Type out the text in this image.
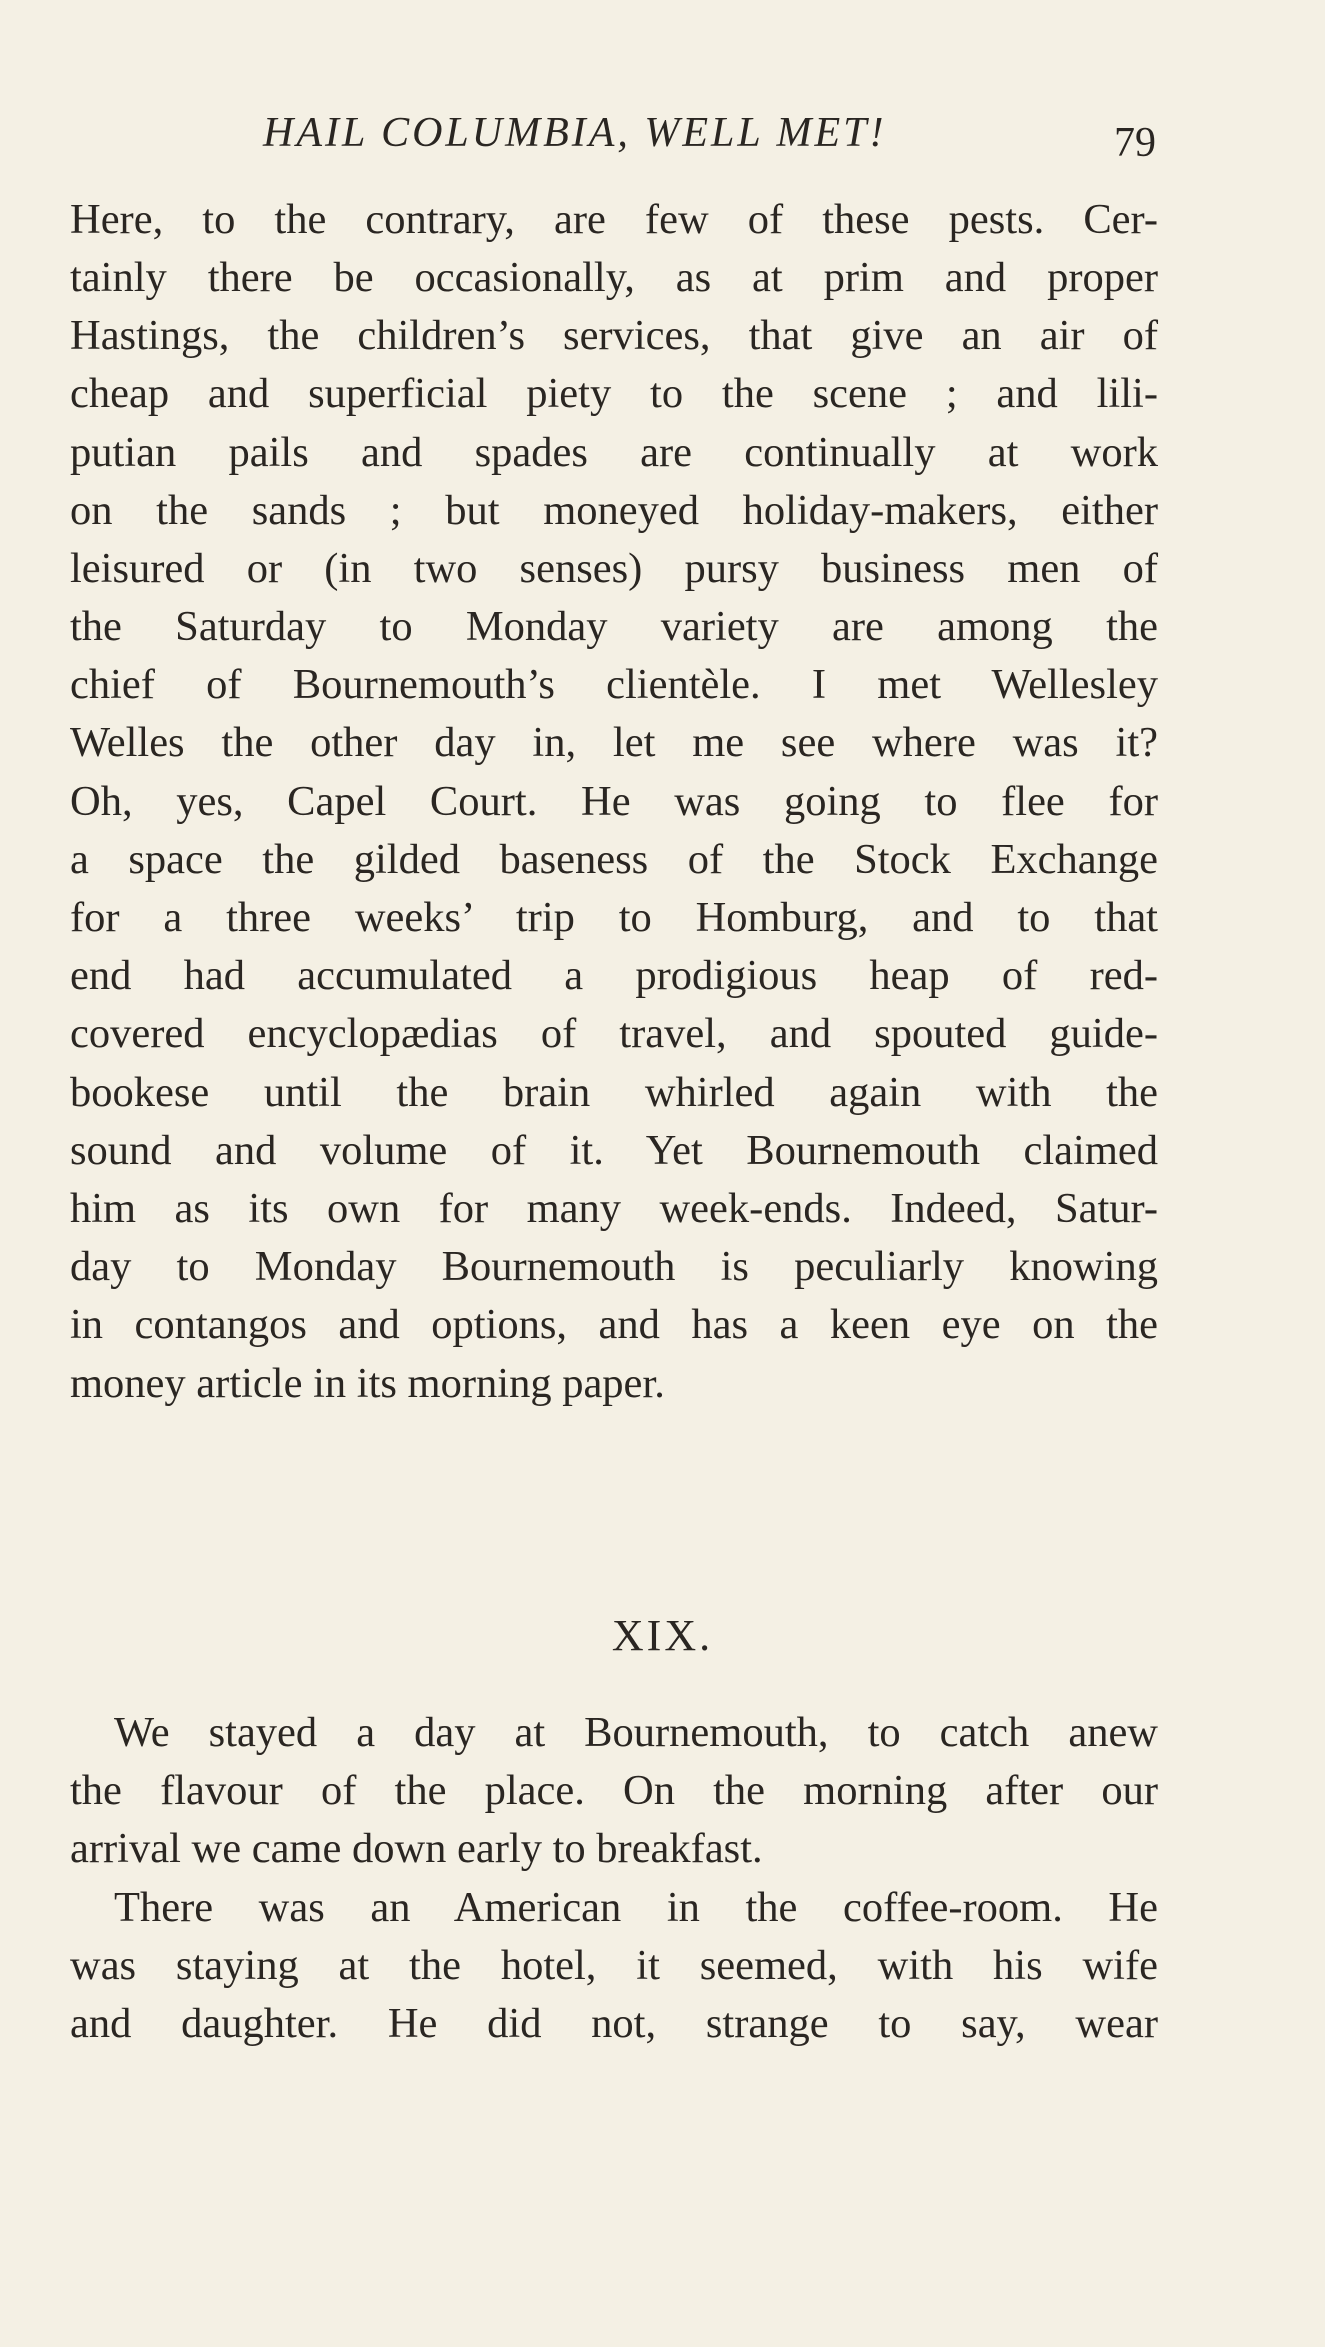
HAIL COLUMBIA, WELL MET!	79
Here, to the contrary, are few of these pests. Cer-
tainly there be occasionally, as at prim and proper
Hastings, the children’s services, that give an air of
cheap and superficial piety to the scene ; and lili-
putian pails and spades are continually at work
on the sands ; but moneyed holiday-makers, either
leisured or (in two senses) pursy business men of
the Saturday to Monday variety are among the
chief of Bournemouth’s clientèle. I met Wellesley
Welles the other day in, let me see where was it?
Oh, yes, Capel Court. He was going to flee for
a space the gilded baseness of the Stock Exchange
for a three weeks’ trip to Homburg, and to that
end had accumulated a prodigious heap of red-
covered encyclopædias of travel, and spouted guide-
bookese until the brain whirled again with the
sound and volume of it. Yet Bournemouth claimed
him as its own for many week-ends. Indeed, Satur-
day to Monday Bournemouth is peculiarly knowing
in contangos and options, and has a keen eye on the
money article in its morning paper.
XIX.
We stayed a day at Bournemouth, to catch anew
the flavour of the place. On the morning after our
arrival we came down early to breakfast.
There was an American in the coffee-room. He
was staying at the hotel, it seemed, with his wife
and daughter. He did not, strange to say, wear
